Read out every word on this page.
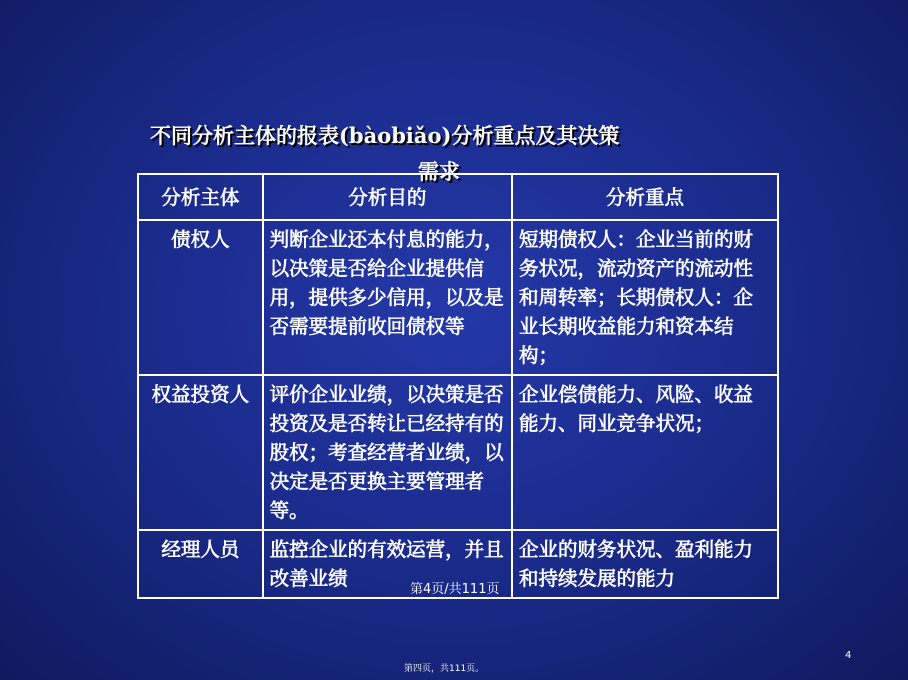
不同分析主体的报表(bàobiǎo)分析重点及其决策
需求
分析主体	分析目的	分析重点
债权人	判断企业还本付息的能力，以决策是否给企业提供信用，提供多少信用，以及是否需要提前收回债权等	短期债权人：企业当前的财务状况，流动资产的流动性和周转率；长期债权人：企业长期收益能力和资本结构；
权益投资人	评价企业业绩，以决策是否投资及是否转让已经持有的股权；考查经营者业绩，以决定是否更换主要管理者等。	企业偿债能力、风险、收益能力、同业竞争状况；
经理人员	监控企业的有效运营，并且改善业绩	企业的财务状况、盈利能力和持续发展的能力
第4页/共111页
第四页，共111页。
4
